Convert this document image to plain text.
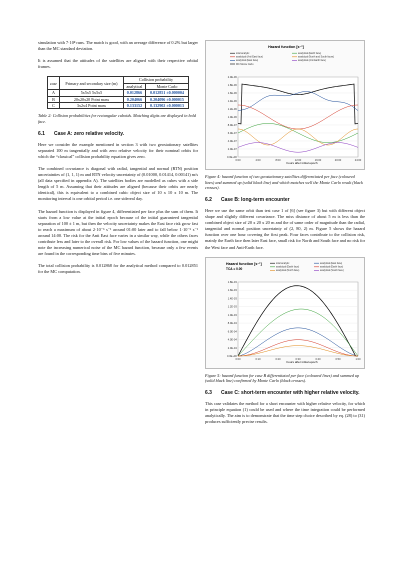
simulation with 7·10⁸ runs. The match is good, with an average difference of 0.2% but larger than the MC standard deviation.

It is assumed that the attitudes of the satellites are aligned with their respective orbital frames.

case	Primary and secondary size (m)	Collision probability	
		analytical	Monte Carlo
A	5x5x5 5x5x5	0.012866	0.012851 ±0.000004
B	20x20x20 Point mass	0.204066	0.204096 ±0.000015
C	3x2x4 Point mass	0.133152	0.132902 ±0.000013
Table 2: Collision probabilities for rectangular cuboids. Matching digits are displayed in bold face.
6.1 Case A: zero relative velocity.

Here we consider the example mentioned in section 3 with two geostationary satellites separated 100 m tangentially and with zero relative velocity for their nominal orbits for which the “classical” collision probability equation gives zero.

The combined covariance is diagonal with radial, tangential and normal (RTN) position uncertainties of (1, 1, 1) m and RTN velocity uncertainty of (0.01000, 0.01414, 0.00141) m/s (all data specified in appendix A). The satellites bodies are modelled as cubes with a side length of 5 m. Assuming that their attitudes are aligned (because their orbits are nearly identical), this is equivalent to a combined cubic object size of 10 x 10 x 10 m. The monitoring interval is one orbital period i.e. one sidereal day.

The hazard function is displayed in figure 4, differentiated per face plus the sum of them. It starts from a low value at the initial epoch because of the initial guaranteed tangential separation of 100 ± 1 m, but then the velocity uncertainty makes the East face risk grow fast to reach a maximum of about 2·10⁻⁶ s⁻¹ around 01:00 later and to fall below 1·10⁻⁶ s⁻¹ around 14:00. The risk for the Anti East face varies in a similar way, while the others faces contribute less and later to the overall risk. For low values of the hazard function, one might note the increasing numerical noise of the MC hazard function, because only a few events are found in the corresponding time bins of five minutes.

The total collision probability is 0.012868 for the analytical method compared to 0.012851 for the MC computation.

Hazard function [s⁻¹]
total analytic	analytical (Earth face)
analytical (Anti East face)	analytical (North and South faces)
analytical (East face)	analytical (Anti Earth face)
MC Monte Carlo
2.0E-06
1.8E-06
1.6E-06
1.4E-06
1.2E-06
1.0E-06
8.0E-07
6.0E-07
4.0E-07
2.0E-07
0.0E+00
0:00	4:00	8:00	12:00	16:00	20:00	24:00
hours after initial epoch
Figure 4: hazard function of two geostationary satellites differentiated per face (coloured lines) and summed up (solid black line) and which matches well the Monte Carlo result (black crosses).
6.2 Case B: long-term encounter

Here we use the same orbit than test case 1 of [6] (see figure 3) but with different object shape and slightly different covariance. The miss distance of about 5 m is less than the combined object size of 20 x 20 x 20 m and the of same order of magnitude than the radial, tangential and normal position uncertainty of (2, 80, 2) m. Figure 5 shows the hazard function over one hour covering the first peak. Four faces contribute to the collision risk, mainly the Earth face then later East face, small risk for North and South face and no risk for the West face and Anti-Earth face.

Hazard function [s⁻¹]
TCA = 0.00
total analytic	analytical (East face)
analytical (Earth face)	analytical (Earth face)
analytical (North face)	analytical (South face)
1.8E-03
1.6E-03
1.4E-03
1.2E-03
1.0E-03
8.0E-04
6.0E-04
4.0E-04
2.0E-04
0.0E+00
0:00	0:10	0:20	0:30	0:40	0:50	1:00
hours after initial epoch
Figure 5: hazard function for case B differentiated per face (coloured lines) and summed up (solid black line) confirmed by Monte Carlo (black crosses).
6.3 Case C: short-term encounter with higher relative velocity.

This case validates the method for a short encounter with higher relative velocity, for which in principle equation (1) could be used and where the time integration could be performed analytically. The aim is to demonstrate that the time step choice described by eq. (28) to (31) produces sufficiently precise results.
